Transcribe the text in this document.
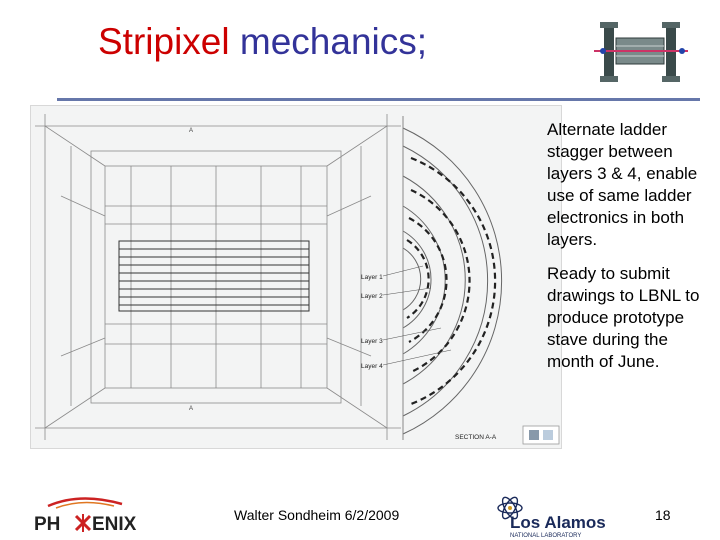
Stripixel mechanics;
A
A
Layer 1
Layer 2
Layer 3
Layer 4
SECTION A-A

Alternate ladder stagger between layers 3 & 4, enable use of same ladder electronics in both layers.

Ready to submit drawings to LBNL to produce prototype stave during the month of June.

PH ENIX	Walter Sondheim 6/2/2009	Los Alamos
NATIONAL LABORATORY
18
